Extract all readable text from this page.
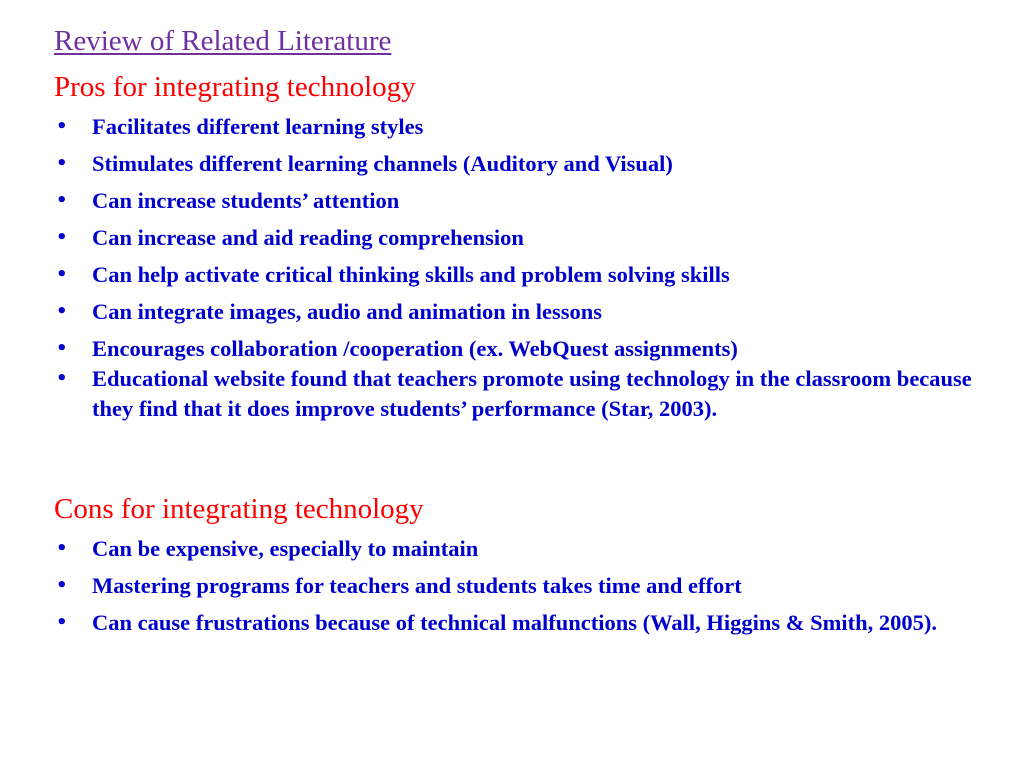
Review of Related Literature
Pros for integrating technology
• Facilitates different learning styles
• Stimulates different learning channels (Auditory and Visual)
• Can increase students’ attention
• Can increase and aid reading comprehension
• Can help activate critical thinking skills and problem solving skills
• Can integrate images, audio and animation in lessons
• Encourages collaboration /cooperation (ex. WebQuest assignments)
• Educational website found that teachers promote using technology in the classroom because they find that it does improve students’ performance (Star, 2003).
Cons for integrating technology
• Can be expensive, especially to maintain
• Mastering programs for teachers and students takes time and effort
• Can cause frustrations because of technical malfunctions (Wall, Higgins & Smith, 2005).
